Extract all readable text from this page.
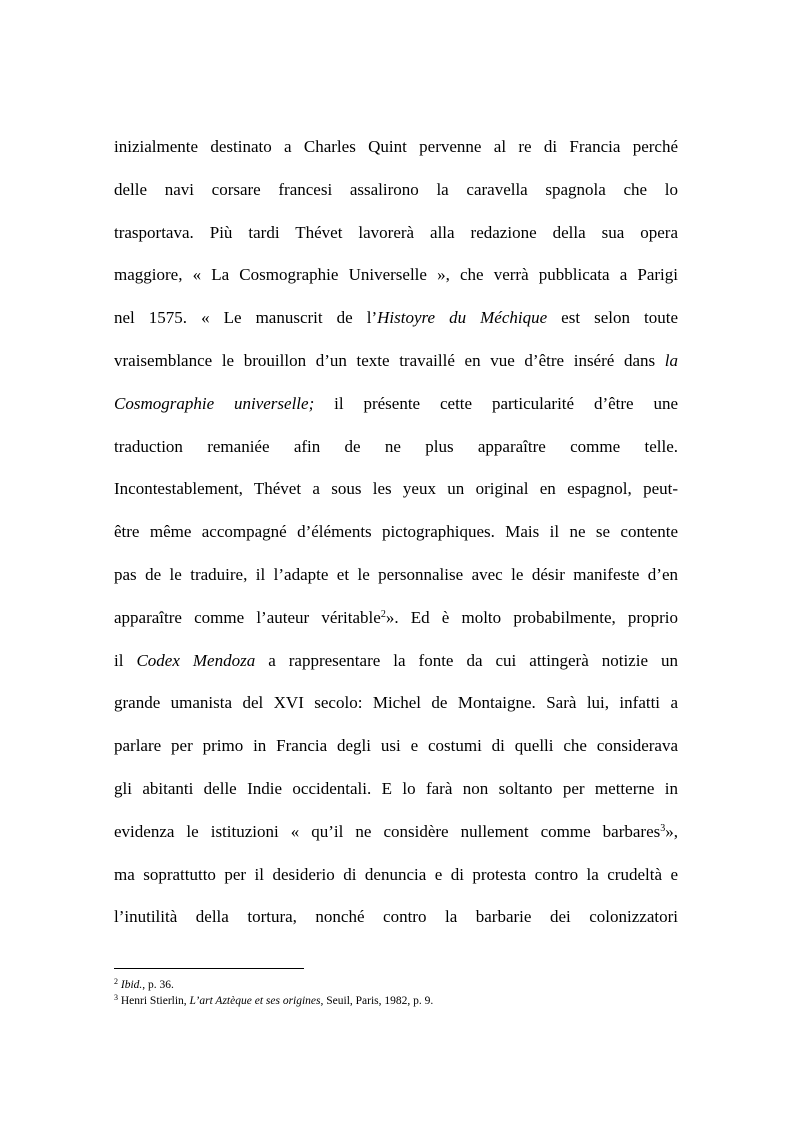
inizialmente destinato a Charles Quint pervenne al re di Francia perché
delle navi corsare francesi assalirono la caravella spagnola che lo
trasportava. Più tardi Thévet lavorerà alla redazione della sua opera
maggiore, « La Cosmographie Universelle », che verrà pubblicata a Parigi
nel 1575. « Le manuscrit de l’Histoyre du Méchique est selon toute
vraisemblance le brouillon d’un texte travaillé en vue d’être inséré dans la
Cosmographie universelle; il présente cette particularité d’être une
traduction remaniée afin de ne plus apparaître comme telle.
Incontestablement, Thévet a sous les yeux un original en espagnol, peut-
être même accompagné d’éléments pictographiques. Mais il ne se contente
pas de le traduire, il l’adapte et le personnalise avec le désir manifeste d’en
apparaître comme l’auteur véritable$^2$». Ed è molto probabilmente, proprio
il Codex Mendoza a rappresentare la fonte da cui attingerà notizie un
grande umanista del XVI secolo: Michel de Montaigne. Sarà lui, infatti a
parlare per primo in Francia degli usi e costumi di quelli che considerava
gli abitanti delle Indie occidentali. E lo farà non soltanto per metterne in
evidenza le istituzioni « qu’il ne considère nullement comme barbares$^3$»,
ma soprattutto per il desiderio di denuncia e di protesta contro la crudeltà e
l’inutilità della tortura, nonché contro la barbarie dei colonizzatori
$^2$ Ibid., p. 36.
$^3$ Henri Stierlin, L’art Aztèque et ses origines, Seuil, Paris, 1982, p. 9.
